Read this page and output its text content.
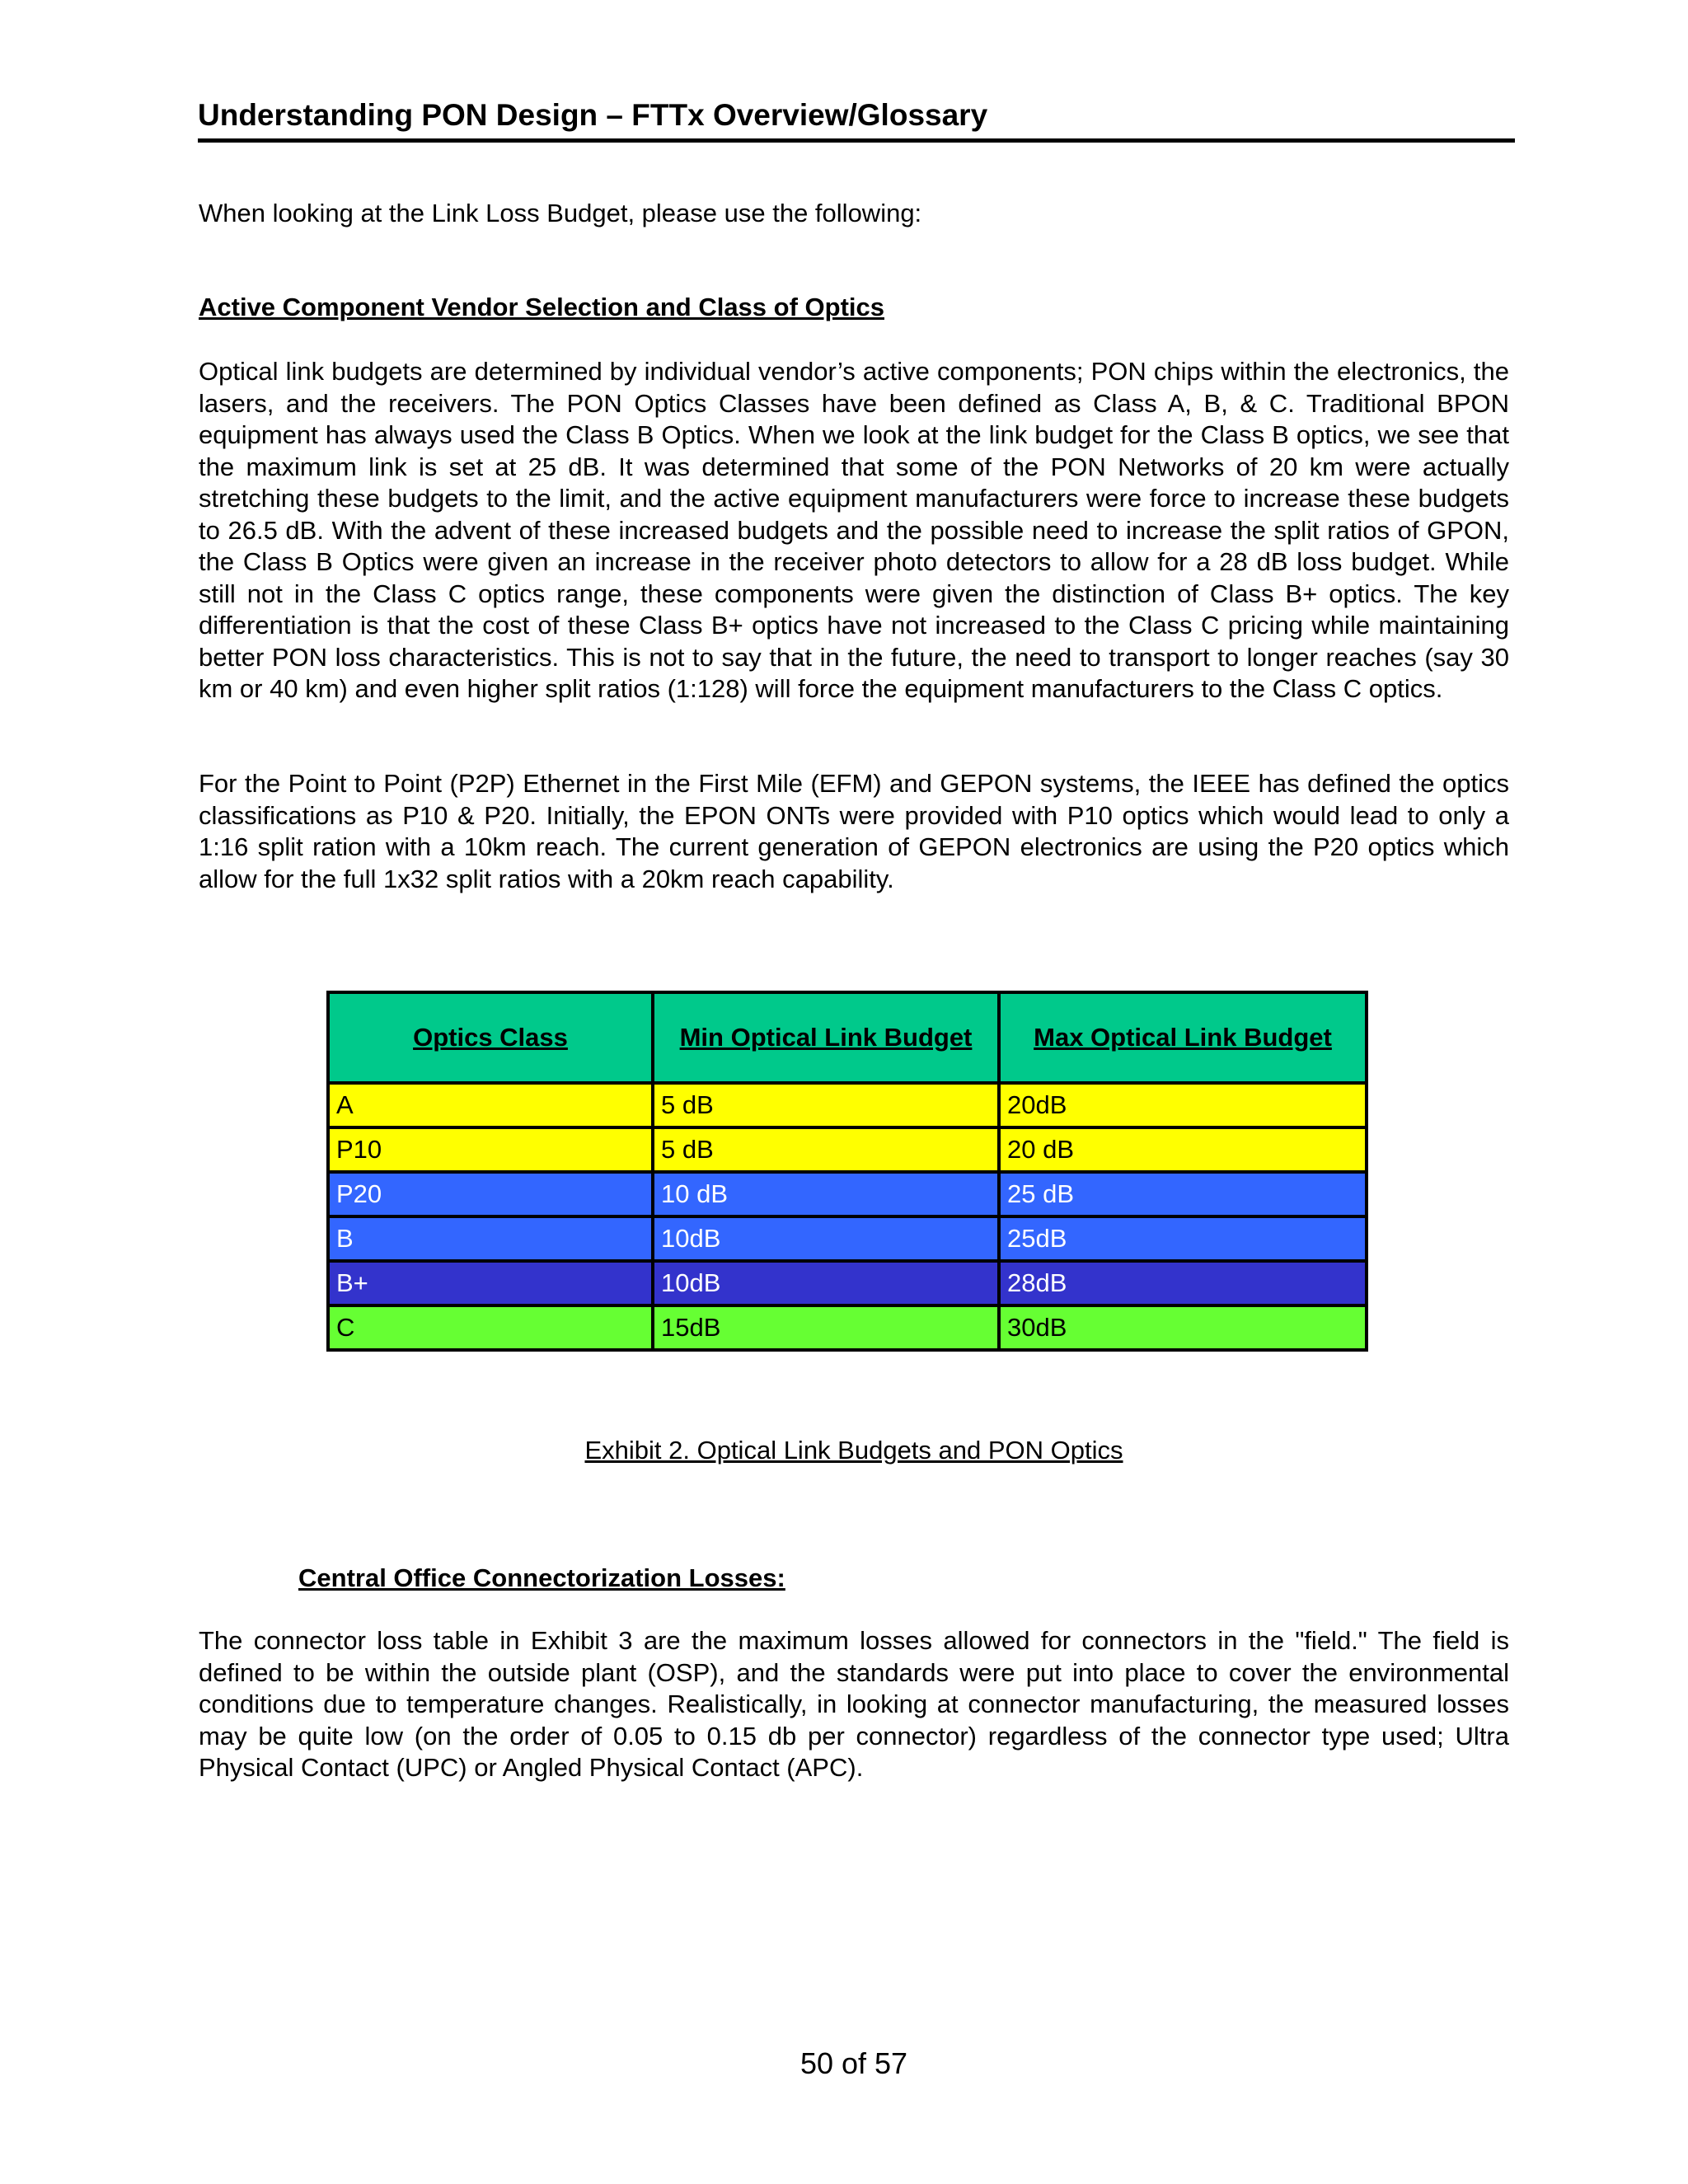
Understanding PON Design – FTTx Overview/Glossary
When looking at the Link Loss Budget, please use the following:
Active Component Vendor Selection and Class of Optics

Optical link budgets are determined by individual vendor’s active components; PON chips within the electronics, the lasers, and the receivers. The PON Optics Classes have been defined as Class A, B, & C. Traditional BPON equipment has always used the Class B Optics. When we look at the link budget for the Class B optics, we see that the maximum link is set at 25 dB. It was determined that some of the PON Networks of 20 km were actually stretching these budgets to the limit, and the active equipment manufacturers were force to increase these budgets to 26.5 dB. With the advent of these increased budgets and the possible need to increase the split ratios of GPON, the Class B Optics were given an increase in the receiver photo detectors to allow for a 28 dB loss budget. While still not in the Class C optics range, these components were given the distinction of Class B+ optics. The key differentiation is that the cost of these Class B+ optics have not increased to the Class C pricing while maintaining better PON loss characteristics. This is not to say that in the future, the need to transport to longer reaches (say 30 km or 40 km) and even higher split ratios (1:128) will force the equipment manufacturers to the Class C optics.

For the Point to Point (P2P) Ethernet in the First Mile (EFM) and GEPON systems, the IEEE has defined the optics classifications as P10 & P20. Initially, the EPON ONTs were provided with P10 optics which would lead to only a 1:16 split ration with a 10km reach. The current generation of GEPON electronics are using the P20 optics which allow for the full 1x32 split ratios with a 20km reach capability.

Optics Class	Min Optical Link Budget	Max Optical Link Budget
A	5 dB	20dB
P10	5 dB	20 dB
P20	10 dB	25 dB
B	10dB	25dB
B+	10dB	28dB
C	15dB	30dB
Exhibit 2. Optical Link Budgets and PON Optics
Central Office Connectorization Losses:

The connector loss table in Exhibit 3 are the maximum losses allowed for connectors in the "field." The field is defined to be within the outside plant (OSP), and the standards were put into place to cover the environmental conditions due to temperature changes. Realistically, in looking at connector manufacturing, the measured losses may be quite low (on the order of 0.05 to 0.15 db per connector) regardless of the connector type used; Ultra Physical Contact (UPC) or Angled Physical Contact (APC).

50 of 57
